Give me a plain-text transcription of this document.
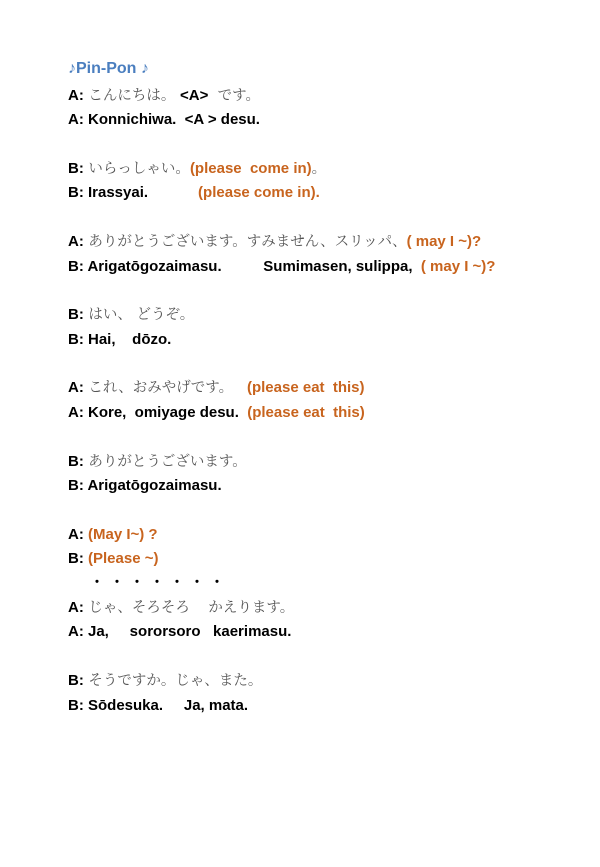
♪Pin-Pon ♪
A: こんにちは。 <A>  です。
A: Konnichiwa.  <A > desu.
B: いらっしゃい。(please  come in)。
B: Irassyai.            (please come in).
A: ありがとうございます。すみません、スリッパ、( may I ~)?
B: Arigatōgozaimasu.          Sumimasen, sulippa,  ( may I ~)?
B: はい、 どうぞ。
B: Hai,    dōzo.
A: これ、おみやげです。   (please eat  this)
A: Kore,  omiyage desu.  (please eat  this)
B: ありがとうございます。
B: Arigatōgozaimasu.
A: (May I~) ?
B: (Please ~)
A: じゃ、そろそろ    かえります。
A: Ja,     sororsoro   kaerimasu.
B: そうですか。じゃ、また。
B: Sōdesuka.     Ja, mata.
・・・・・・・
